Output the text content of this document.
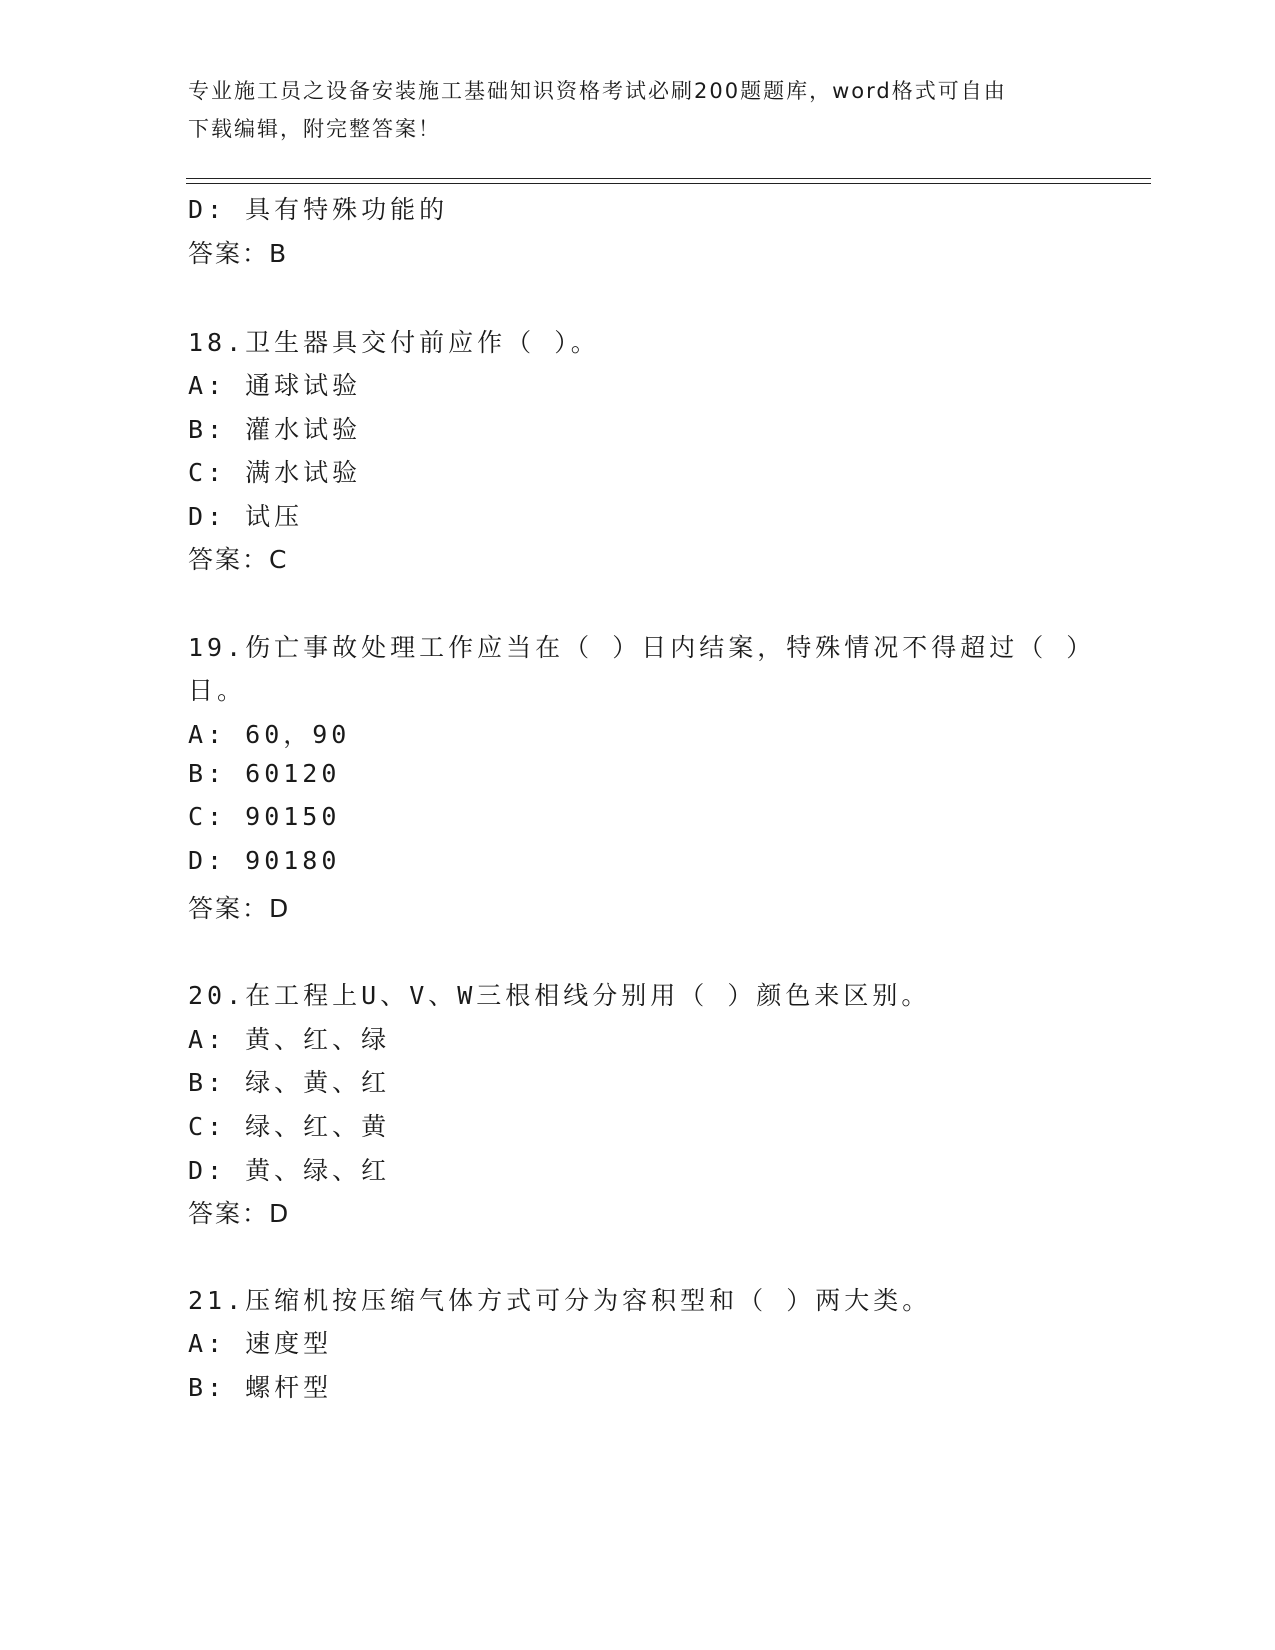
专业施工员之设备安装施工基础知识资格考试必刷200题题库，word格式可自由
下载编辑，附完整答案！
D: 具有特殊功能的
答案：B
18.卫生器具交付前应作（ ）。
A: 通球试验
B: 灌水试验
C: 满水试验
D: 试压
答案：C
19.伤亡事故处理工作应当在（ ）日内结案，特殊情况不得超过（ ）
日。
A: 60，90
B: 60120
C: 90150
D: 90180
答案：D
20.在工程上U、V、W三根相线分别用（ ）颜色来区别。
A: 黄、红、绿
B: 绿、黄、红
C: 绿、红、黄
D: 黄、绿、红
答案：D
21.压缩机按压缩气体方式可分为容积型和（ ）两大类。
A: 速度型
B: 螺杆型
